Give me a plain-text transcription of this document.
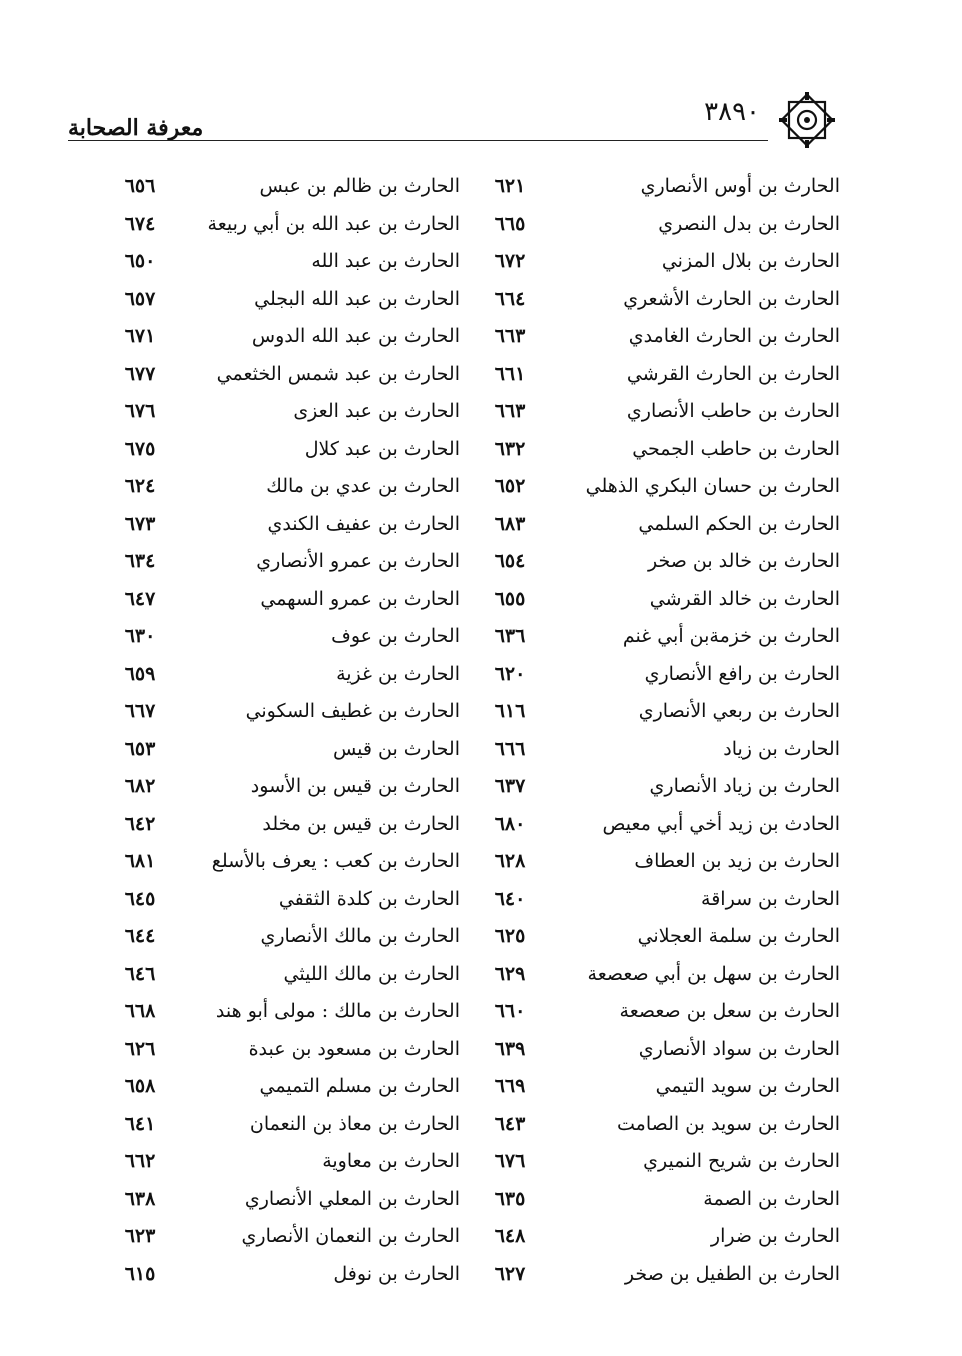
معرفة الصحابة
٣٨٩٠
الحارث بن أوس الأنصاري
٦٢١
الحارث بن بدل النصري
٦٦٥
الحارث بن بلال المزني
٦٧٢
الحارث بن الحارث الأشعري
٦٦٤
الحارث بن الحارث الغامدي
٦٦٣
الحارث بن الحارث القرشي
٦٦١
الحارث بن حاطب الأنصاري
٦٦٣
الحارث بن حاطب الجمحي
٦٣٢
الحارث بن حسان البكري الذهلي
٦٥٢
الحارث بن الحكم السلمي
٦٨٣
الحارث بن خالد بن صخر
٦٥٤
الحارث بن خالد القرشي
٦٥٥
الحارث بن خزمةبن أبي غنم
٦٣٦
الحارث بن رافع الأنصاري
٦٢٠
الحارث بن ربعي الأنصاري
٦١٦
الحارث بن زياد
٦٦٦
الحارث بن زياد الأنصاري
٦٣٧
الحادث بن زيد أخي أبي معيص
٦٨٠
الحارث بن زيد بن العطاف
٦٢٨
الحارث بن سراقة
٦٤٠
الحارث بن سلمة العجلاني
٦٢٥
الحارث بن سهل بن أبي صعصعة
٦٢٩
الحارث بن سعل بن صعصعة
٦٦٠
الحارث بن سواد الأنصاري
٦٣٩
الحارث بن سويد التيمي
٦٦٩
الحارث بن سويد بن الصامت
٦٤٣
الحارث بن شريح النميري
٦٧٦
الحارث بن الصمة
٦٣٥
الحارث بن ضرار
٦٤٨
الحارث بن الطفيل بن صخر
٦٢٧
الحارث بن ظالم بن عبس
٦٥٦
الحارث بن عبد الله بن أبي ربيعة
٦٧٤
الحارث بن عبد الله
٦٥٠
الحارث بن عبد الله البجلي
٦٥٧
الحارث بن عبد الله الدوس
٦٧١
الحارث بن عبد شمس الخثعمي
٦٧٧
الحارث بن عبد العزى
٦٧٦
الحارث بن عبد كلال
٦٧٥
الحارث بن عدي بن مالك
٦٢٤
الحارث بن عفيف الكندي
٦٧٣
الحارث بن عمرو الأنصاري
٦٣٤
الحارث بن عمرو السهمي
٦٤٧
الحارث بن عوف
٦٣٠
الحارث بن غزية
٦٥٩
الحارث بن غطيف السكوني
٦٦٧
الحارث بن قيس
٦٥٣
الحارث بن قيس بن الأسود
٦٨٢
الحارث بن قيس بن مخلد
٦٤٢
الحارث بن كعب : يعرف بالأسلع
٦٨١
الحارث بن كلدة الثقفي
٦٤٥
الحارث بن مالك الأنصاري
٦٤٤
الحارث بن مالك الليثي
٦٤٦
الحارث بن مالك : مولى أبو هند
٦٦٨
الحارث بن مسعود بن عبدة
٦٢٦
الحارث بن مسلم التميمي
٦٥٨
الحارث بن معاذ بن النعمان
٦٤١
الحارث بن معاوية
٦٦٢
الحارث بن المعلي الأنصاري
٦٣٨
الحارث بن النعمان الأنصاري
٦٢٣
الحارث بن نوفل
٦١٥
